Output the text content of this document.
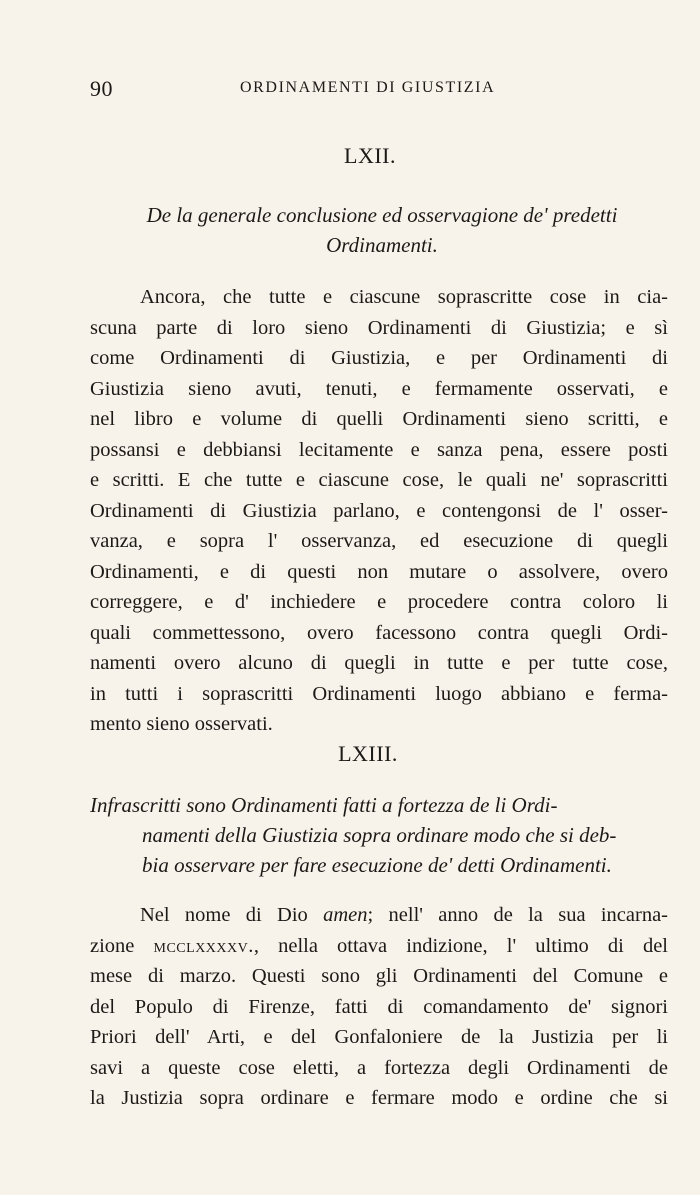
90	ORDINAMENTI DI GIUSTIZIA
LXII.
De la generale conclusione ed osservagione de' predetti
Ordinamenti.
Ancora, che tutte e ciascune soprascritte cose in cia-
scuna parte di loro sieno Ordinamenti di Giustizia; e sì
come Ordinamenti di Giustizia, e per Ordinamenti di
Giustizia sieno avuti, tenuti, e fermamente osservati, e
nel libro e volume di quelli Ordinamenti sieno scritti, e
possansi e debbiansi lecitamente e sanza pena, essere posti
e scritti. E che tutte e ciascune cose, le quali ne' soprascritti
Ordinamenti di Giustizia parlano, e contengonsi de l' osser-
vanza, e sopra l' osservanza, ed esecuzione di quegli
Ordinamenti, e di questi non mutare o assolvere, overo
correggere, e d' inchiedere e procedere contra coloro li
quali commettessono, overo facessono contra quegli Ordi-
namenti overo alcuno di quegli in tutte e per tutte cose,
in tutti i soprascritti Ordinamenti luogo abbiano e ferma-
mento sieno osservati.
LXIII.
Infrascritti sono Ordinamenti fatti a fortezza de li Ordi-
namenti della Giustizia sopra ordinare modo che si deb-
bia osservare per fare esecuzione de' detti Ordinamenti.
Nel nome di Dio amen; nell' anno de la sua incarna-
zione mcclxxxxv., nella ottava indizione, l' ultimo di del
mese di marzo. Questi sono gli Ordinamenti del Comune e
del Populo di Firenze, fatti di comandamento de' signori
Priori dell' Arti, e del Gonfaloniere de la Justizia per li
savi a queste cose eletti, a fortezza degli Ordinamenti de
la Justizia sopra ordinare e fermare modo e ordine che si
